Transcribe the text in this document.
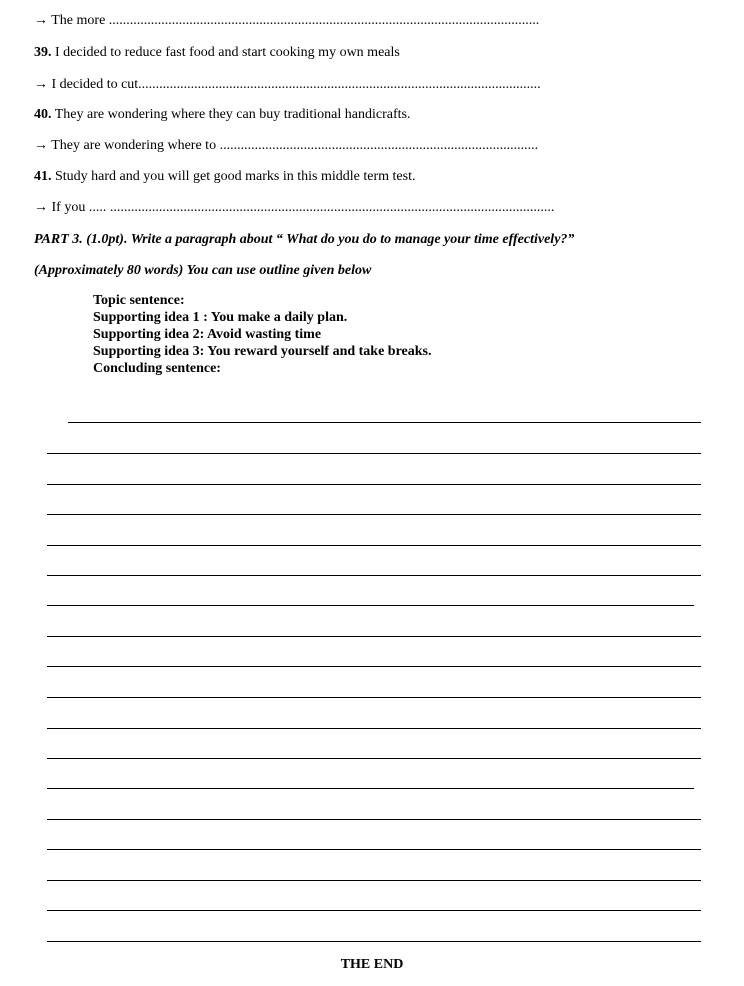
→ The more ...........................................................................................................................
39. I decided to reduce fast food and start cooking my own meals
→ I decided to cut...................................................................................................................
40. They are wondering where they can buy traditional handicrafts.
→ They are wondering where to ...........................................................................................
41. Study hard and you will get good marks in this middle term test.
→ If you ..... ...............................................................................................................................
PART 3. (1.0pt). Write a paragraph about “ What do you do to manage your time effectively?”
(Approximately 80 words) You can use outline given below
Topic sentence:
Supporting idea 1 : You make a daily plan.
Supporting idea 2: Avoid wasting time
Supporting idea 3: You reward yourself and take breaks.
Concluding sentence:
THE END
